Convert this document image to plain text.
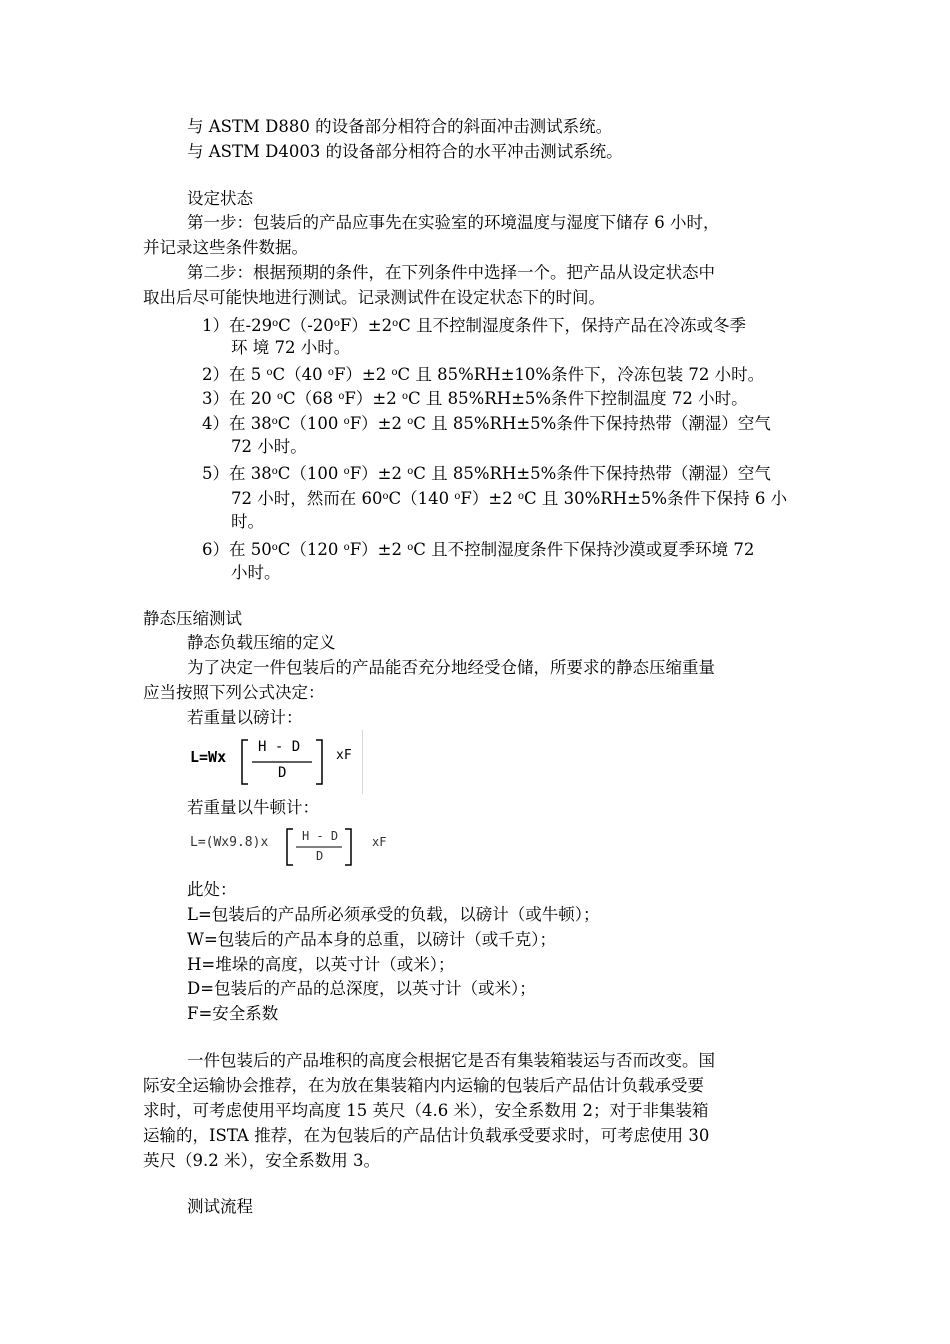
与 ASTM D880 的设备部分相符合的斜面冲击测试系统。
与 ASTM D4003 的设备部分相符合的水平冲击测试系统。
设定状态
第一步：包装后的产品应事先在实验室的环境温度与湿度下储存 6 小时，
并记录这些条件数据。
第二步：根据预期的条件，在下列条件中选择一个。把产品从设定状态中
取出后尽可能快地进行测试。记录测试件在设定状态下的时间。
1）在$-29^oC(-20^oF)\pm 2^oC$ 且不控制湿度条件下，保持产品在冷冻或冬季
环 境 72 小时。
2）在 5 $^o$C（40 $^o$F）±2 $^o$C 且 85%RH±10%条件下，冷冻包装 72 小时。
3）在 20 $^o$C（68 $^o$F）±2 $^o$C 且 85%RH±5%条件下控制温度 72 小时。
4）在 38$^o$C（100 $^o$F）±2 $^o$C 且 85%RH±5%条件下保持热带（潮湿）空气
72 小时。
5）在 38$^o$C（100 $^o$F）±2 $^o$C 且 85%RH±5%条件下保持热带（潮湿）空气
72 小时，然而在 60$^o$C（140 $^o$F）±2 $^o$C 且 30%RH±5%条件下保持 6 小
时。
6）在 50$^o$C（120 $^o$F）±2 $^o$C 且不控制湿度条件下保持沙漠或夏季环境 72
小时。
静态压缩测试
静态负载压缩的定义
为了决定一件包装后的产品能否充分地经受仓储，所要求的静态压缩重量
应当按照下列公式决定：
若重量以磅计：
L=Wx
H - D
D
xF
若重量以牛顿计：
L=(Wx9.8)x	H - D
D
xF
此处：
L=包装后的产品所必须承受的负载，以磅计（或牛顿）；
W=包装后的产品本身的总重，以磅计（或千克）；
H=堆垛的高度，以英寸计（或米）；
D=包装后的产品的总深度，以英寸计（或米）；
F=安全系数
一件包装后的产品堆积的高度会根据它是否有集装箱装运与否而改变。国
际安全运输协会推荐，在为放在集装箱内内运输的包装后产品估计负载承受要
求时，可考虑使用平均高度 15 英尺（4.6 米），安全系数用 2；对于非集装箱
运输的，ISTA 推荐，在为包装后的产品估计负载承受要求时，可考虑使用 30
英尺（9.2 米），安全系数用 3。
测试流程
